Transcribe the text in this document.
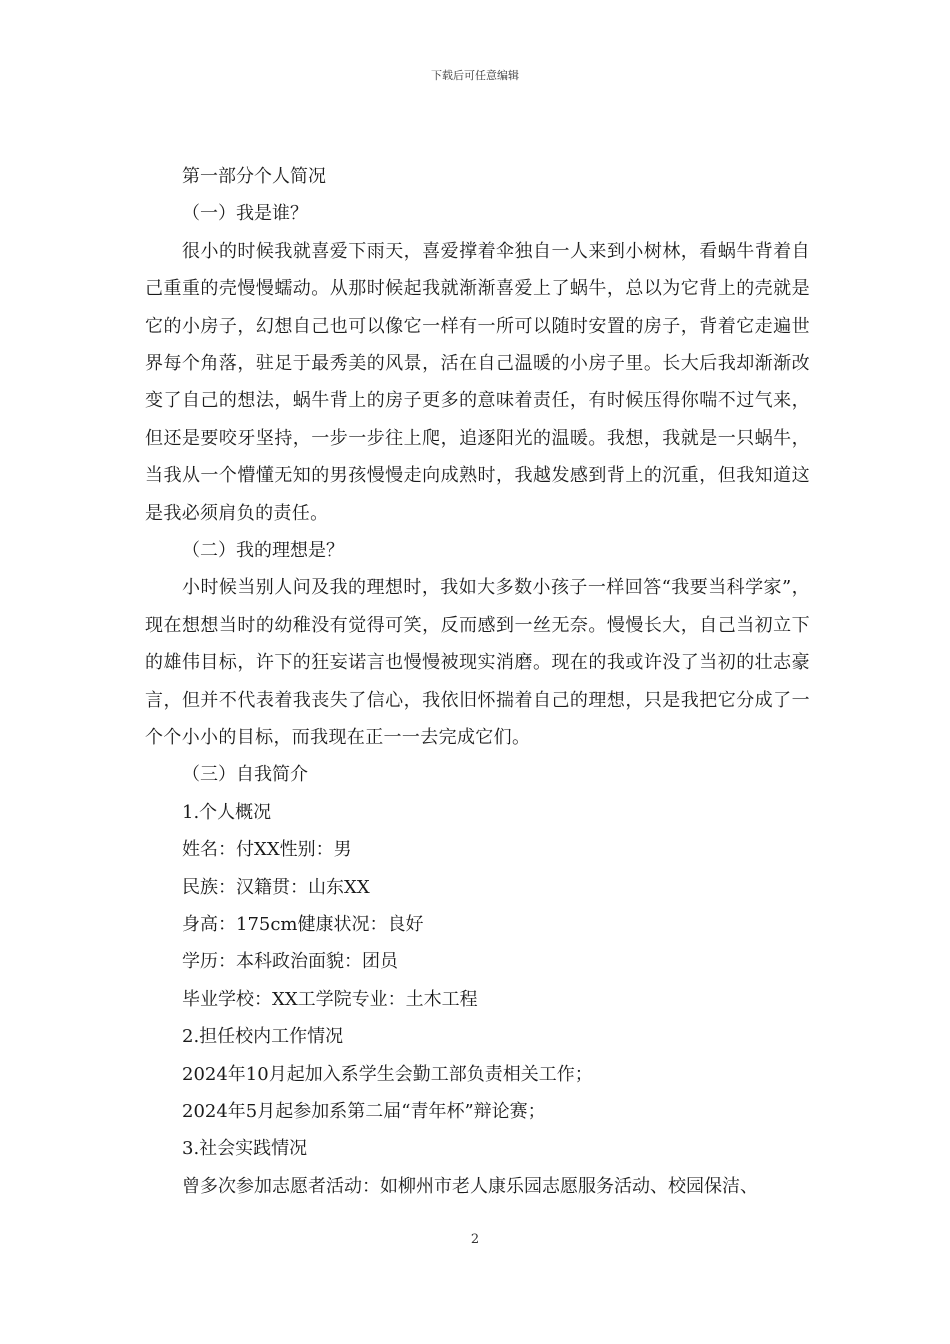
下载后可任意编辑
第一部分个人简况
（一）我是谁？
很小的时候我就喜爱下雨天，喜爱撑着伞独自一人来到小树林，看蜗牛背着自己重重的壳慢慢蠕动。从那时候起我就渐渐喜爱上了蜗牛，总以为它背上的壳就是它的小房子，幻想自己也可以像它一样有一所可以随时安置的房子，背着它走遍世界每个角落，驻足于最秀美的风景，活在自己温暖的小房子里。长大后我却渐渐改变了自己的想法，蜗牛背上的房子更多的意味着责任，有时候压得你喘不过气来，但还是要咬牙坚持，一步一步往上爬，追逐阳光的温暖。我想，我就是一只蜗牛，当我从一个懵懂无知的男孩慢慢走向成熟时，我越发感到背上的沉重，但我知道这是我必须肩负的责任。
（二）我的理想是？
小时候当别人问及我的理想时，我如大多数小孩子一样回答“我要当科学家”，现在想想当时的幼稚没有觉得可笑，反而感到一丝无奈。慢慢长大，自己当初立下的雄伟目标，许下的狂妄诺言也慢慢被现实消磨。现在的我或许没了当初的壮志豪言，但并不代表着我丧失了信心，我依旧怀揣着自己的理想，只是我把它分成了一个个小小的目标，而我现在正一一去完成它们。
（三）自我简介
1.个人概况
姓名：付XX性别：男
民族：汉籍贯：山东XX
身高：175cm健康状况：良好
学历：本科政治面貌：团员
毕业学校：XX工学院专业：土木工程
2.担任校内工作情况
2024年10月起加入系学生会勤工部负责相关工作；
2024年5月起参加系第二届“青年杯”辩论赛；
3.社会实践情况
曾多次参加志愿者活动：如柳州市老人康乐园志愿服务活动、校园保洁、
2
